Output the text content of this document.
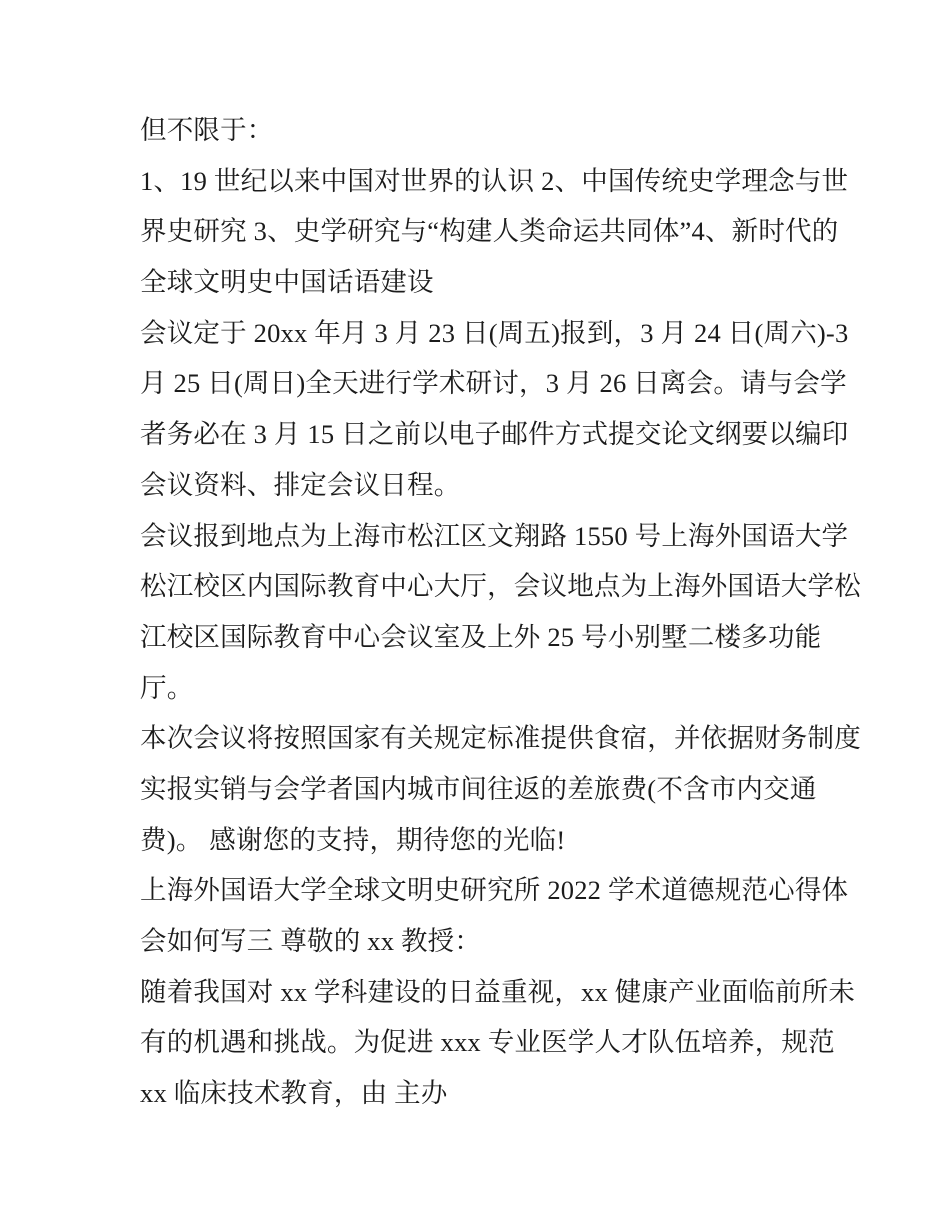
但不限于：
1、19 世纪以来中国对世界的认识 2、中国传统史学理念与世
界史研究 3、史学研究与“构建人类命运共同体”4、新时代的
全球文明史中国话语建设
会议定于 20xx 年月 3 月 23 日(周五)报到，3 月 24 日(周六)-3
月 25 日(周日)全天进行学术研讨，3 月 26 日离会。请与会学
者务必在 3 月 15 日之前以电子邮件方式提交论文纲要以编印
会议资料、排定会议日程。
会议报到地点为上海市松江区文翔路 1550 号上海外国语大学
松江校区内国际教育中心大厅，会议地点为上海外国语大学松
江校区国际教育中心会议室及上外 25 号小别墅二楼多功能
厅。
本次会议将按照国家有关规定标准提供食宿，并依据财务制度
实报实销与会学者国内城市间往返的差旅费(不含市内交通
费)。 感谢您的支持，期待您的光临!
上海外国语大学全球文明史研究所 2022 学术道德规范心得体
会如何写三 尊敬的 xx 教授：
随着我国对 xx 学科建设的日益重视，xx 健康产业面临前所未
有的机遇和挑战。为促进 xxx 专业医学人才队伍培养，规范
xx 临床技术教育，由 主办
